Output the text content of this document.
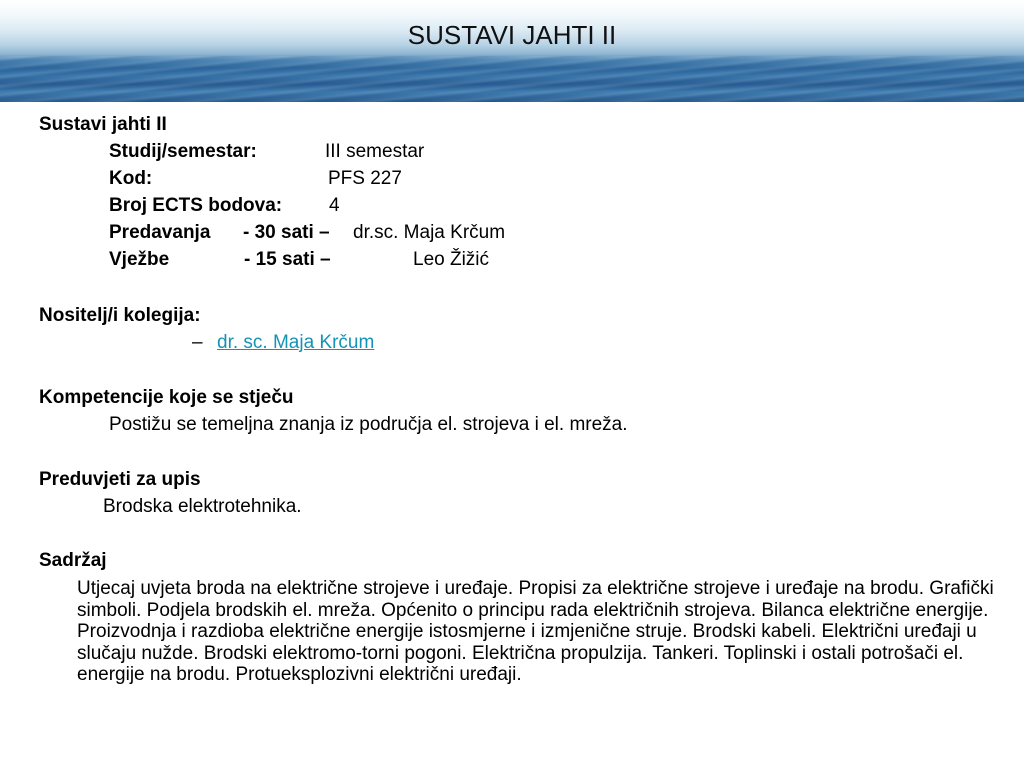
SUSTAVI JAHTI II
Sustavi jahti II
Studij/semestar:	III semestar
Kod:	PFS 227
Broj ECTS bodova: 4
Predavanja - 30 sati – dr.sc. Maja Krčum
Vježbe	- 15 sati –	Leo Žižić
Nositelj/i kolegija:
– dr. sc. Maja Krčum
Kompetencije koje se stječu
Postižu se temeljna znanja iz područja el. strojeva i el. mreža.
Preduvjeti za upis
Brodska elektrotehnika.
Sadržaj
Utjecaj uvjeta broda na električne strojeve i uređaje. Propisi za električne strojeve i uređaje na brodu. Grafički simboli. Podjela brodskih el. mreža. Općenito o principu rada električnih strojeva. Bilanca električne energije. Proizvodnja i razdioba električne energije istosmjerne i izmjenične struje. Brodski kabeli. Električni uređaji u slučaju nužde. Brodski elektromo-torni pogoni. Električna propulzija. Tankeri. Toplinski i ostali potrošači el. energije na brodu. Protueksplozivni električni uređaji.
